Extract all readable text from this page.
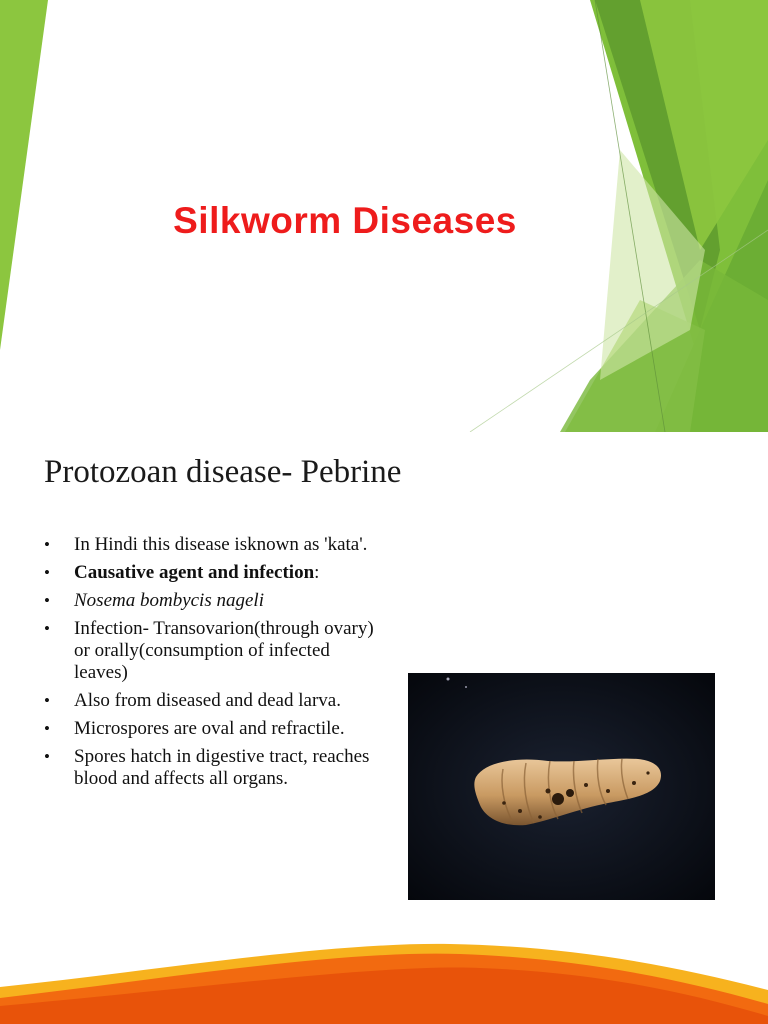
Silkworm Diseases
Protozoan disease- Pebrine
• In Hindi this disease isknown as 'kata'.
• Causative agent and infection:
• Nosema bombycis nageli
• Infection- Transovarion(through ovary) or orally(consumption of infected leaves)
• Also from diseased and dead larva.
• Microspores are oval and refractile.
• Spores hatch in digestive tract, reaches blood and affects all organs.
